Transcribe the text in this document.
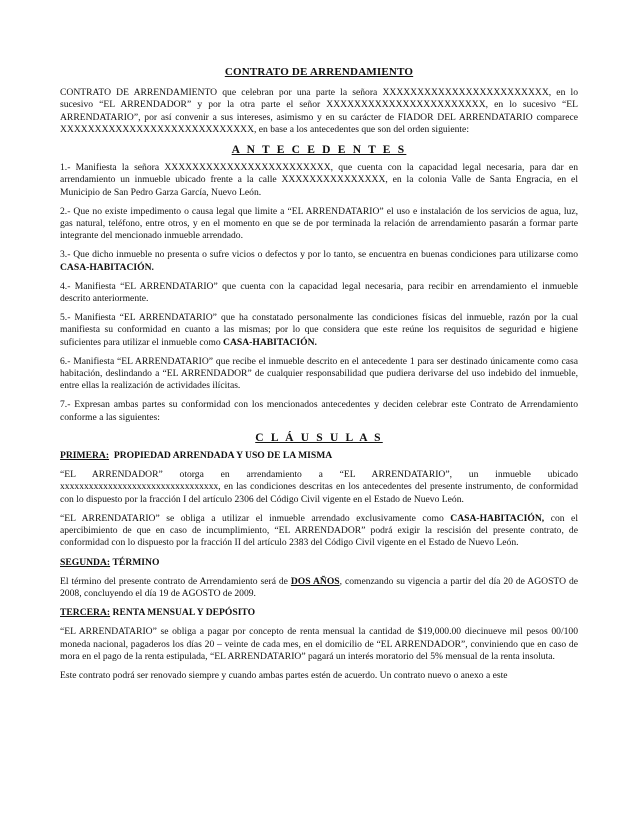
CONTRATO DE ARRENDAMIENTO

CONTRATO DE ARRENDAMIENTO que celebran por una parte la señora XXXXXXXXXXXXXXXXXXXXXXXX, en lo sucesivo “EL ARRENDADOR” y por la otra parte el señor XXXXXXXXXXXXXXXXXXXXXXX, en lo sucesivo “EL ARRENDATARIO”, por así convenir a sus intereses, asimismo y en su carácter de FIADOR DEL ARRENDATARIO comparece XXXXXXXXXXXXXXXXXXXXXXXXXXXX, en base a los antecedentes que son del orden siguiente:

A N T E C E D E N T E S

1.- Manifiesta la señora XXXXXXXXXXXXXXXXXXXXXXXX, que cuenta con la capacidad legal necesaria, para dar en arrendamiento un inmueble ubicado frente a la calle XXXXXXXXXXXXXXX, en la colonia Valle de Santa Engracia, en el Municipio de San Pedro Garza García, Nuevo León.

2.- Que no existe impedimento o causa legal que limite a “EL ARRENDATARIO” el uso e instalación de los servicios de agua, luz, gas natural, teléfono, entre otros, y en el momento en que se de por terminada la relación de arrendamiento pasarán a formar parte integrante del mencionado inmueble arrendado.

3.- Que dicho inmueble no presenta o sufre vicios o defectos y por lo tanto, se encuentra en buenas condiciones para utilizarse como CASA-HABITACIÓN.

4.- Manifiesta “EL ARRENDATARIO” que cuenta con la capacidad legal necesaria, para recibir en arrendamiento el inmueble descrito anteriormente.

5.- Manifiesta “EL ARRENDATARIO” que ha constatado personalmente las condiciones físicas del inmueble, razón por la cual manifiesta su conformidad en cuanto a las mismas; por lo que considera que este reúne los requisitos de seguridad e higiene suficientes para utilizar el inmueble como CASA-HABITACIÓN.

6.- Manifiesta “EL ARRENDATARIO” que recibe el inmueble descrito en el antecedente 1 para ser destinado únicamente como casa habitación, deslindando a “EL ARRENDADOR” de cualquier responsabilidad que pudiera derivarse del uso indebido del inmueble, entre ellas la realización de actividades ilícitas.

7.- Expresan ambas partes su conformidad con los mencionados antecedentes y deciden celebrar este Contrato de Arrendamiento conforme a las siguientes:

C L Á U S U L A S
PRIMERA: PROPIEDAD ARRENDADA Y USO DE LA MISMA

“EL ARRENDADOR” otorga en arrendamiento a “EL ARRENDATARIO”, un inmueble ubicado

xxxxxxxxxxxxxxxxxxxxxxxxxxxxxxxxx, en las condiciones descritas en los antecedentes del presente instrumento, de conformidad con lo dispuesto por la fracción I del artículo 2306 del Código Civil vigente en el Estado de Nuevo León.

“EL ARRENDATARIO” se obliga a utilizar el inmueble arrendado exclusivamente como CASA-HABITACIÓN, con el apercibimiento de que en caso de incumplimiento, “EL ARRENDADOR” podrá exigir la rescisión del presente contrato, de conformidad con lo dispuesto por la fracción II del artículo 2383 del Código Civil vigente en el Estado de Nuevo León.

SEGUNDA: TÉRMINO

El término del presente contrato de Arrendamiento será de DOS AÑOS, comenzando su vigencia a partir del día 20 de AGOSTO de 2008, concluyendo el día 19 de AGOSTO de 2009.

TERCERA: RENTA MENSUAL Y DEPÓSITO

“EL ARRENDATARIO” se obliga a pagar por concepto de renta mensual la cantidad de $19,000.00 diecinueve mil pesos 00/100 moneda nacional, pagaderos los días 20 – veinte de cada mes, en el domicilio de “EL ARRENDADOR”, conviniendo que en caso de mora en el pago de la renta estipulada, “EL ARRENDATARIO” pagará un interés moratorio del 5% mensual de la renta insoluta.

Este contrato podrá ser renovado siempre y cuando ambas partes estén de acuerdo. Un contrato nuevo o anexo a este
